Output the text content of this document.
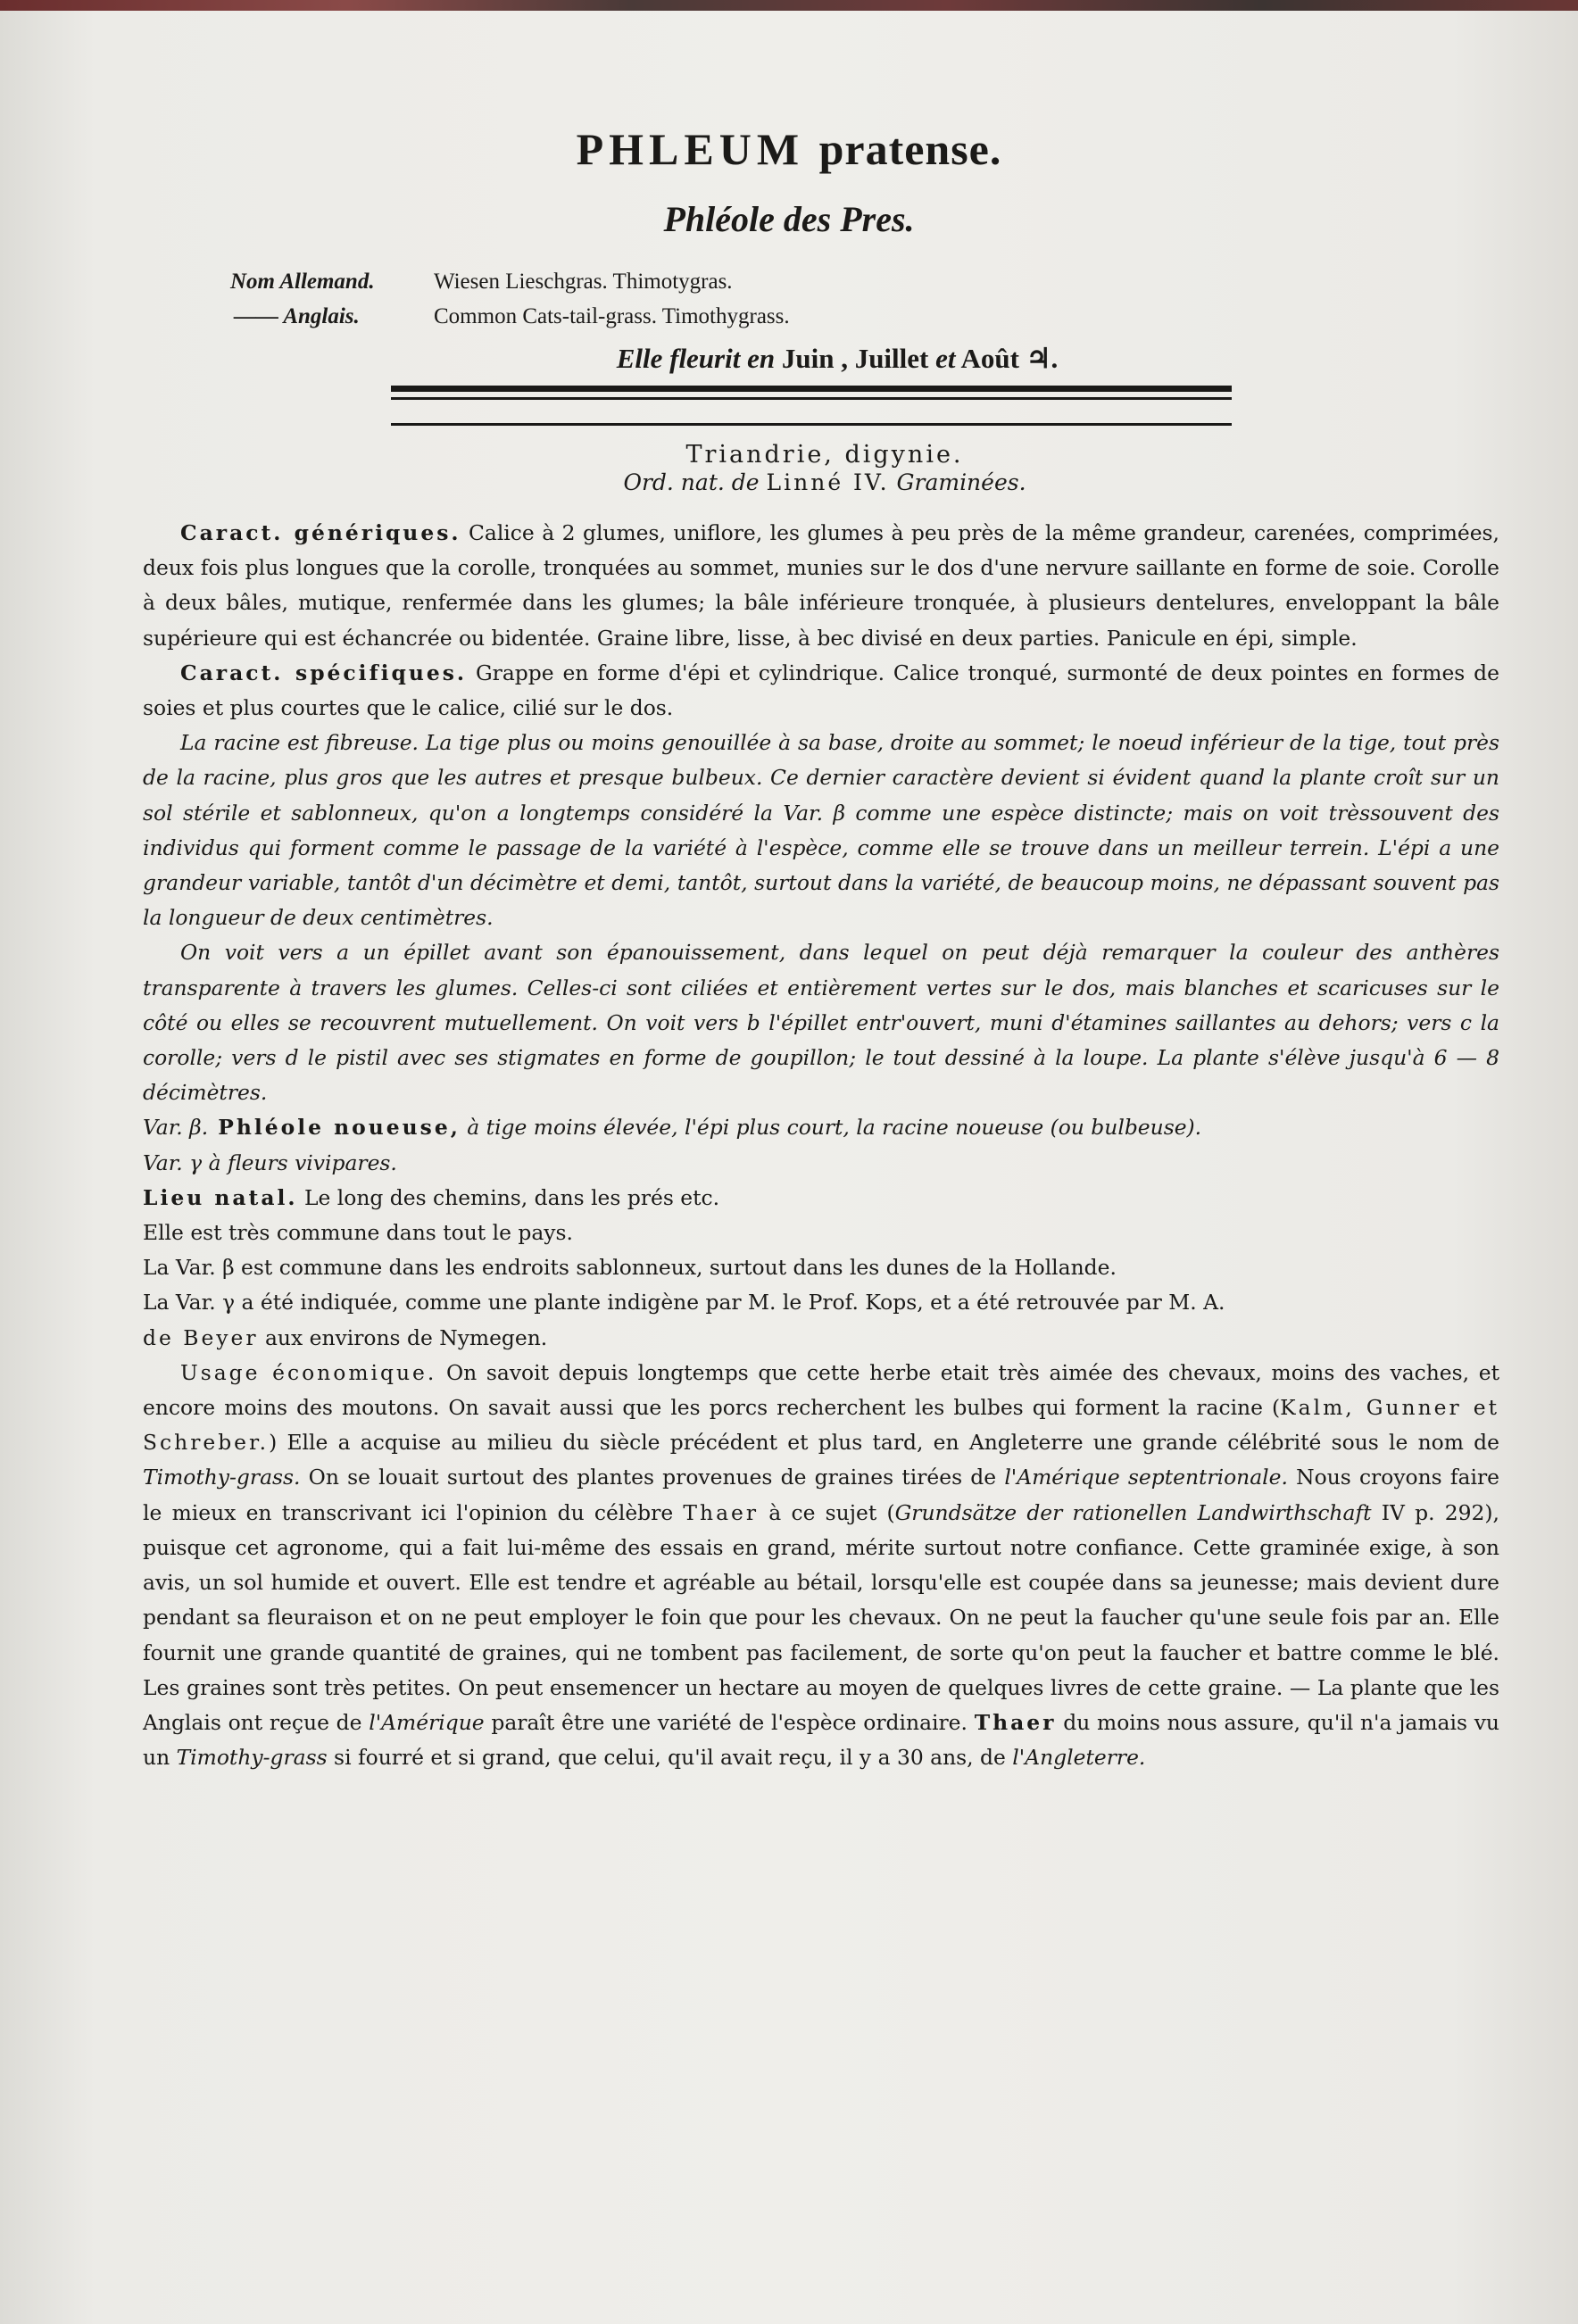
PHLEUM pratense.
Phléole des Pres.
Nom Allemand.	Wiesen Lieschgras. Thimotygras.
—— Anglais.	Common Cats-tail-grass. Timothygrass.
Elle fleurit en Juin , Juillet et Août ♃.
Triandrie, digynie.
Ord. nat. de Linné IV. Graminées.

Caract. génériques. Calice à 2 glumes, uniflore, les glumes à peu près de la même grandeur, carenées, comprimées, deux fois plus longues que la corolle, tronquées au sommet, munies sur le dos d'une nervure saillante en forme de soie. Corolle à deux bâles, mutique, renfermée dans les glumes; la bâle inférieure tronquée, à plusieurs dentelures, enveloppant la bâle supérieure qui est échancrée ou bidentée. Graine libre, lisse, à bec divisé en deux parties. Panicule en épi, simple.

Caract. spécifiques. Grappe en forme d'épi et cylindrique. Calice tronqué, surmonté de deux pointes en formes de soies et plus courtes que le calice, cilié sur le dos.

La racine est fibreuse. La tige plus ou moins genouillée à sa base, droite au sommet; le noeud inférieur de la tige, tout près de la racine, plus gros que les autres et presque bulbeux. Ce dernier caractère devient si évident quand la plante croît sur un sol stérile et sablonneux, qu'on a longtemps considéré la Var. β comme une espèce distincte; mais on voit trèssouvent des individus qui forment comme le passage de la variété à l'espèce, comme elle se trouve dans un meilleur terrein. L'épi a une grandeur variable, tantôt d'un décimètre et demi, tantôt, surtout dans la variété, de beaucoup moins, ne dépassant souvent pas la longueur de deux centimètres.

On voit vers a un épillet avant son épanouissement, dans lequel on peut déjà remarquer la couleur des anthères transparente à travers les glumes. Celles-ci sont ciliées et entièrement vertes sur le dos, mais blanches et scaricuses sur le côté ou elles se recouvrent mutuellement. On voit vers b l'épillet entr'ouvert, muni d'étamines saillantes au dehors; vers c la corolle; vers d le pistil avec ses stigmates en forme de goupillon; le tout dessiné à la loupe. La plante s'élève jusqu'à 6 — 8 décimètres.

Var. β. Phléole noueuse, à tige moins élevée, l'épi plus court, la racine noueuse (ou bulbeuse).

Var. γ à fleurs vivipares.

Lieu natal. Le long des chemins, dans les prés etc.

Elle est très commune dans tout le pays.

La Var. β est commune dans les endroits sablonneux, surtout dans les dunes de la Hollande.

La Var. γ a été indiquée, comme une plante indigène par M. le Prof. Kops, et a été retrouvée par M. A.
de Beyer aux environs de Nymegen.

Usage économique. On savoit depuis longtemps que cette herbe etait très aimée des chevaux, moins des vaches, et encore moins des moutons. On savait aussi que les porcs recherchent les bulbes qui forment la racine (Kalm, Gunner et Schreber.) Elle a acquise au milieu du siècle précédent et plus tard, en Angleterre une grande célébrité sous le nom de Timothy-grass. On se louait surtout des plantes provenues de graines tirées de l'Amérique septentrionale. Nous croyons faire le mieux en transcrivant ici l'opinion du célèbre Thaer à ce sujet (Grundsätze der rationellen Landwirthschaft IV p. 292), puisque cet agronome, qui a fait lui-même des essais en grand, mérite surtout notre confiance. Cette graminée exige, à son avis, un sol humide et ouvert. Elle est tendre et agréable au bétail, lorsqu'elle est coupée dans sa jeunesse; mais devient dure pendant sa fleuraison et on ne peut employer le foin que pour les chevaux. On ne peut la faucher qu'une seule fois par an. Elle fournit une grande quantité de graines, qui ne tombent pas facilement, de sorte qu'on peut la faucher et battre comme le blé. Les graines sont très petites. On peut ensemencer un hectare au moyen de quelques livres de cette graine. — La plante que les Anglais ont reçue de l'Amérique paraît être une variété de l'espèce ordinaire. Thaer du moins nous assure, qu'il n'a jamais vu un Timothy-grass si fourré et si grand, que celui, qu'il avait reçu, il y a 30 ans, de l'Angleterre.
